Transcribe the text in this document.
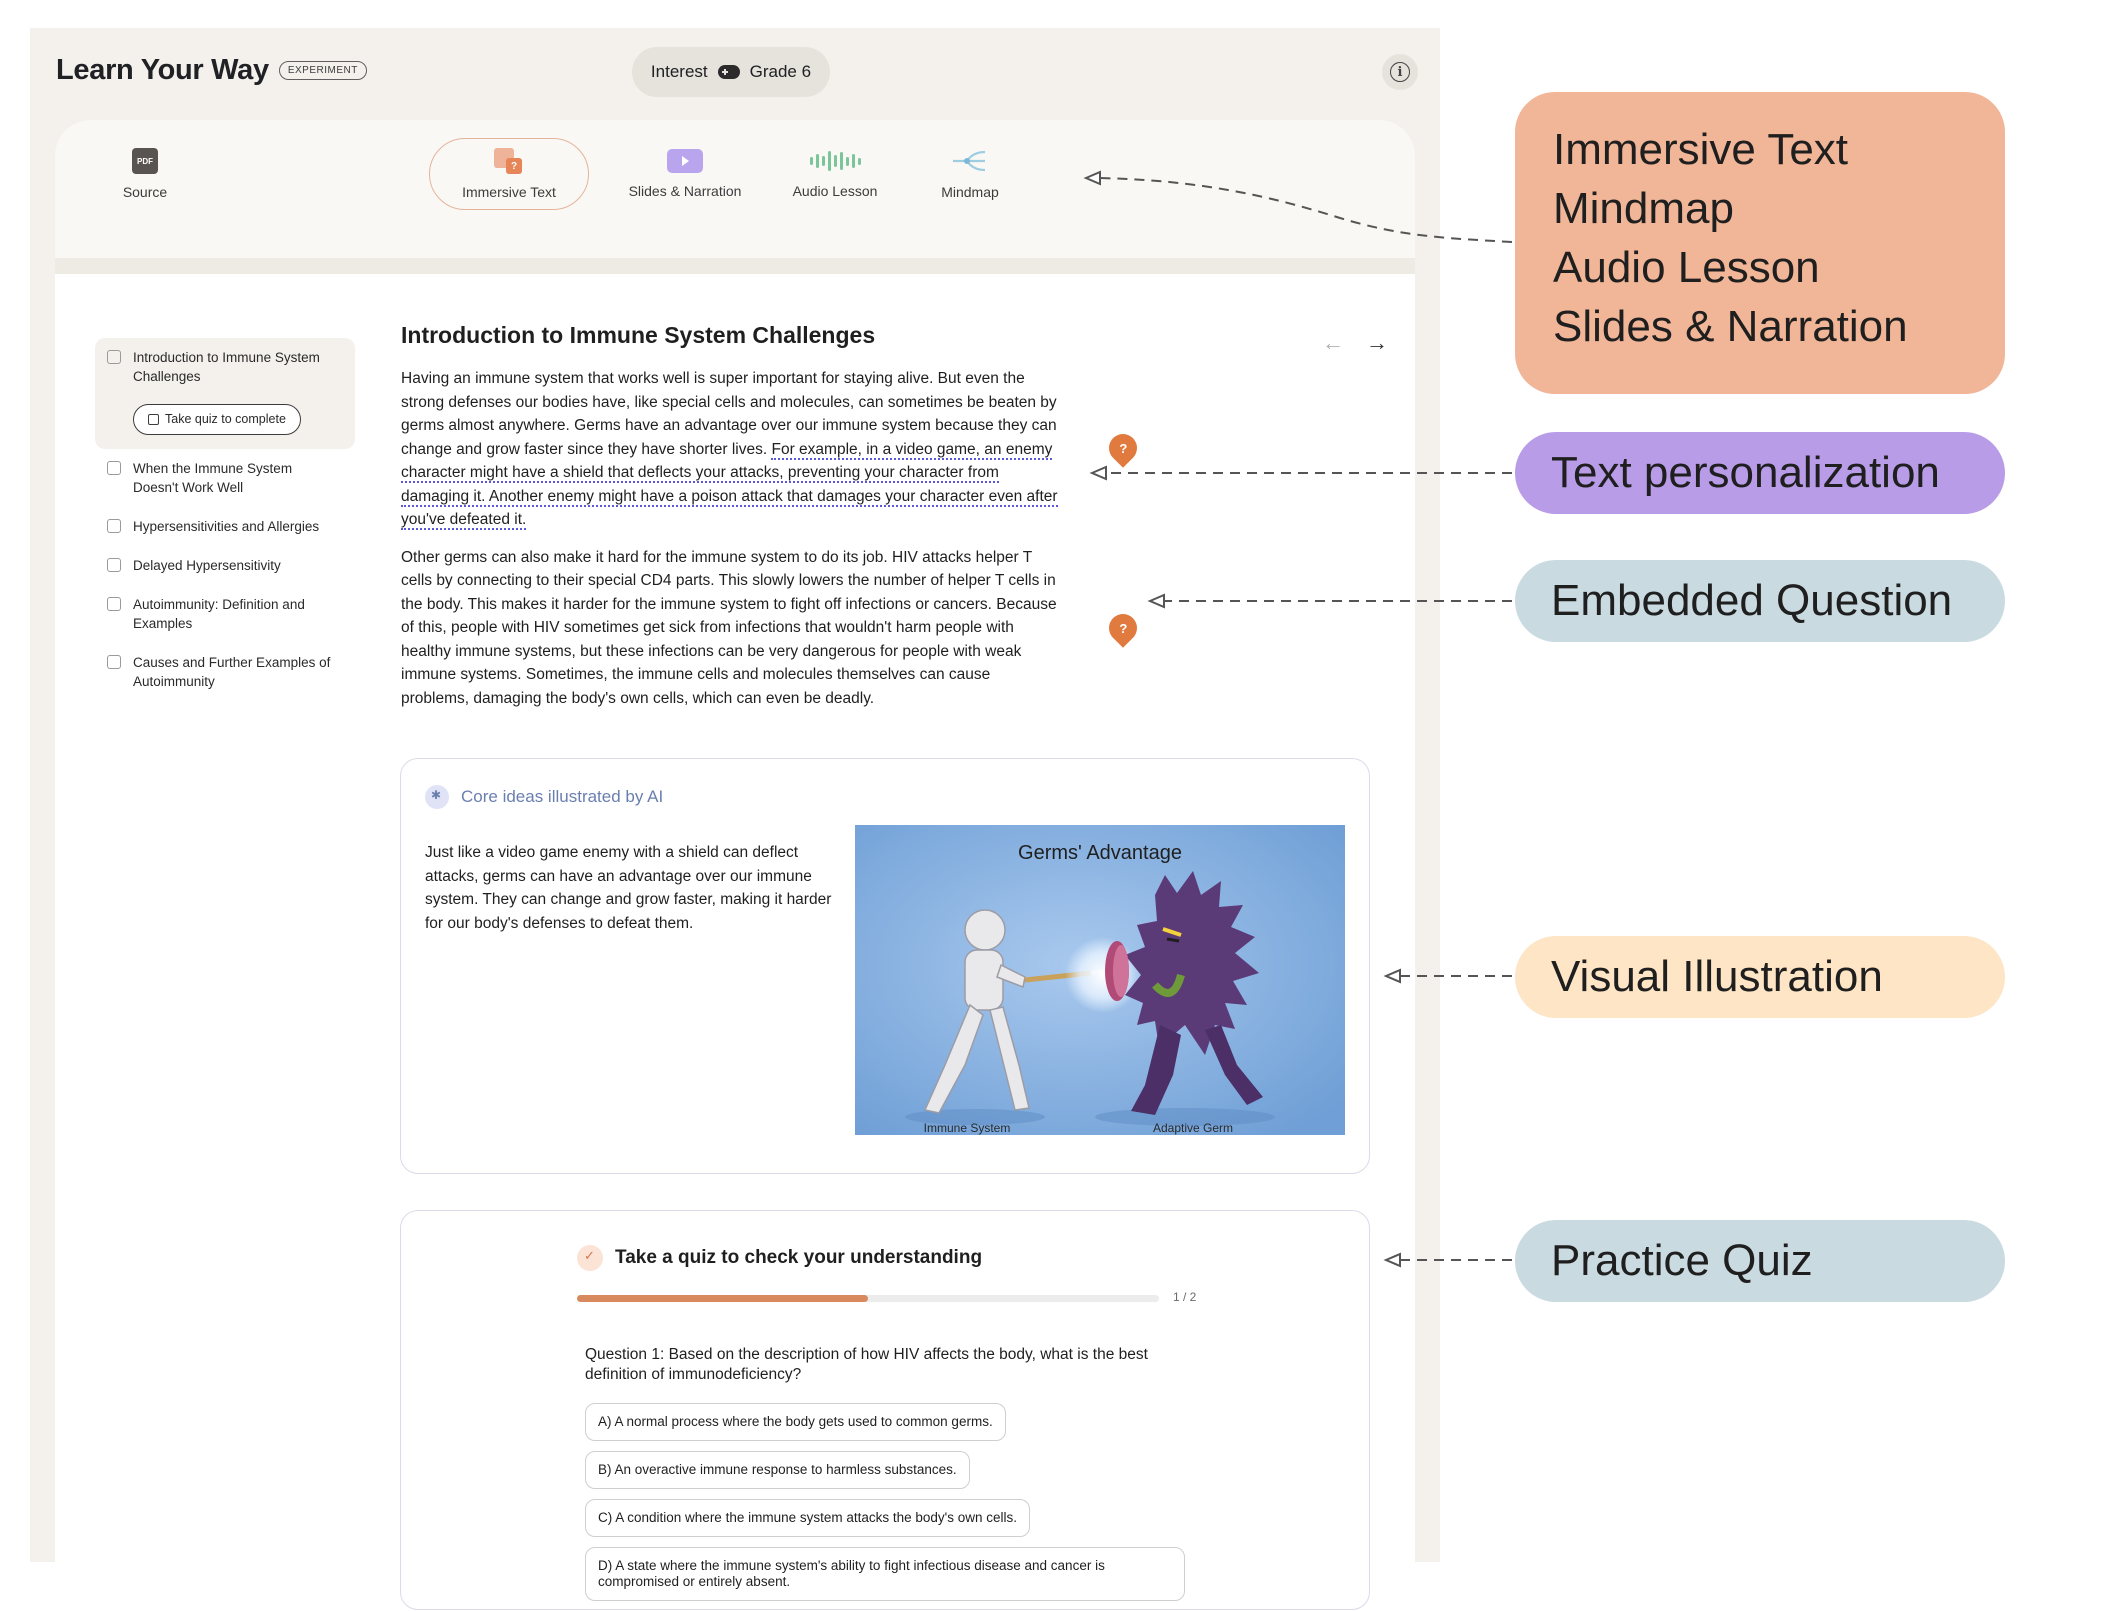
Learn Your Way	EXPERIMENT	Interest Grade 6	i
PDF
Source
?
Immersive Text	Slides & Narration	Audio Lesson	Mindmap
Introduction to Immune System Challenges
Take quiz to complete
When the Immune System Doesn't Work Well
Hypersensitivities and Allergies
Delayed Hypersensitivity
Autoimmunity: Definition and Examples
Causes and Further Examples of Autoimmunity
Introduction to Immune System Challenges

Having an immune system that works well is super important for staying alive. But even the strong defenses our bodies have, like special cells and molecules, can sometimes be beaten by germs almost anywhere. Germs have an advantage over our immune system because they can change and grow faster since they have shorter lives. For example, in a video game, an enemy character might have a shield that deflects your attacks, preventing your character from damaging it. Another enemy might have a poison attack that damages your character even after you've defeated it.

Other germs can also make it hard for the immune system to do its job. HIV attacks helper T cells by connecting to their special CD4 parts. This slowly lowers the number of helper T cells in the body. This makes it harder for the immune system to fight off infections or cancers. Because of this, people with HIV sometimes get sick from infections that wouldn't harm people with healthy immune systems, but these infections can be very dangerous for people with weak immune systems. Sometimes, the immune cells and molecules themselves can cause problems, damaging the body's own cells, which can even be deadly.

← →
?
?
✱
Core ideas illustrated by AI
Just like a video game enemy with a shield can deflect attacks, germs can have an advantage over our immune system. They can change and grow faster, making it harder for our body's defenses to defeat them.
Germs' Advantage
Immune System	Adaptive Germ
✓
Take a quiz to check your understanding
1 / 2
Question 1: Based on the description of how HIV affects the body, what is the best definition of immunodeficiency?
A) A normal process where the body gets used to common germs.
B) An overactive immune response to harmless substances.
C) A condition where the immune system attacks the body's own cells.
D) A state where the immune system's ability to fight infectious disease and cancer is compromised or entirely absent.
Immersive Text
Mindmap
Audio Lesson
Slides & Narration
Text personalization
Embedded Question
Visual Illustration
Practice Quiz
